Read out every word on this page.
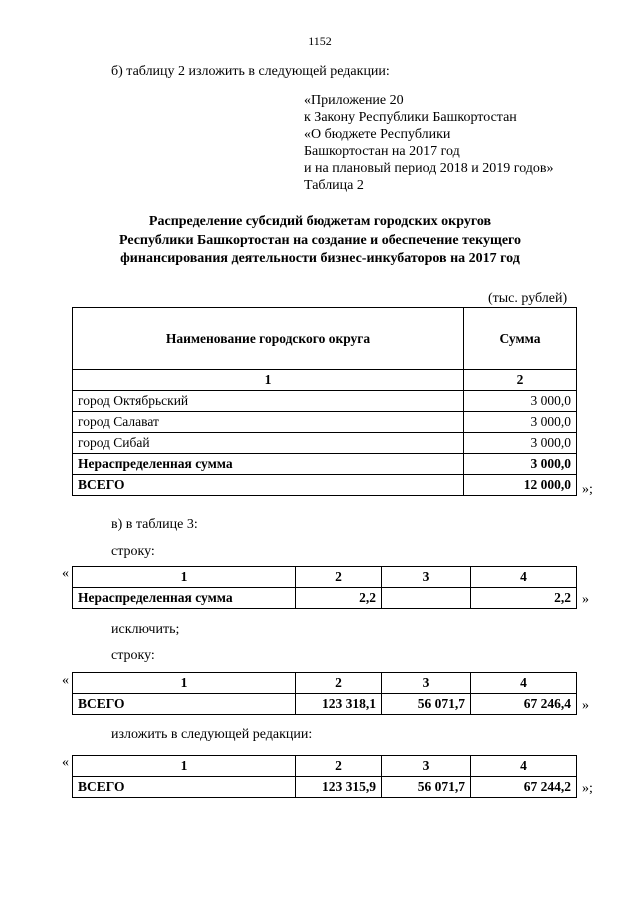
1152
б) таблицу 2 изложить в следующей редакции:
«Приложение 20
к Закону Республики Башкортостан
«О бюджете Республики
Башкортостан на 2017 год
и на плановый период 2018 и 2019 годов»
Таблица 2
Распределение субсидий бюджетам городских округов
Республики Башкортостан на создание и обеспечение текущего
финансирования деятельности бизнес-инкубаторов на 2017 год
(тыс. рублей)
Наименование городского округа	Сумма
1	2
город Октябрьский	3 000,0
город Салават	3 000,0
город Сибай	3 000,0
Нераспределенная сумма	3 000,0
ВСЕГО	12 000,0 »;
в) в таблице 3:
строку:
«	1	2	3	4
Нераспределенная сумма	2,2		2,2 »
исключить;
строку:
«	1	2	3	4
ВСЕГО	123 318,1	56 071,7	67 246,4 »
изложить в следующей редакции:
«	1	2	3	4
ВСЕГО	123 315,9	56 071,7	67 244,2 »;
